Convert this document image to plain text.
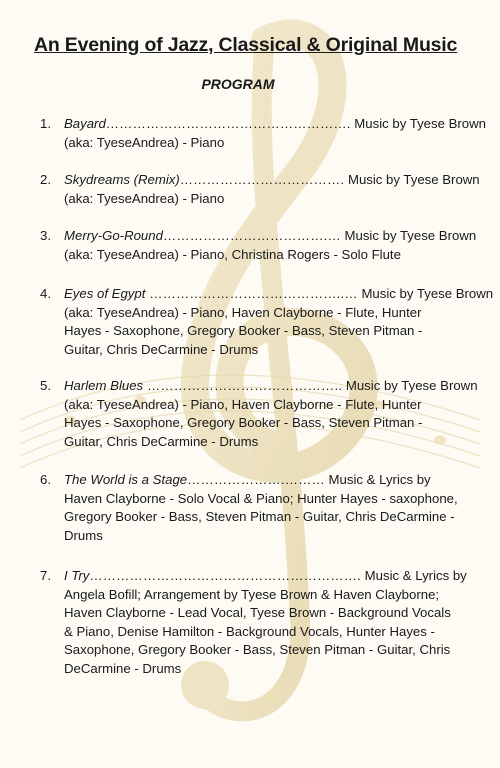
An Evening of Jazz, Classical & Original Music
PROGRAM
1. Bayard………………………………………………. Music by Tyese Brown
(aka: TyeseAndrea) - Piano
2. Skydreams (Remix)………………………………. Music by Tyese Brown
(aka: TyeseAndrea) - Piano
3. Merry-Go-Round……………………………….… Music by Tyese Brown
(aka: TyeseAndrea) - Piano, Christina Rogers - Solo Flute
4. Eyes of Egypt ……………………………………..… Music by Tyese Brown
(aka: TyeseAndrea) - Piano, Haven Clayborne - Flute, Hunter Hayes - Saxophone, Gregory Booker - Bass, Steven Pitman - Guitar, Chris DeCarmine - Drums
5. Harlem Blues …………………………………….. Music by Tyese Brown
(aka: TyeseAndrea) - Piano, Haven Clayborne - Flute, Hunter Hayes - Saxophone, Gregory Booker - Bass, Steven Pitman - Guitar, Chris DeCarmine - Drums
6. The World is a Stage………………….……… Music & Lyrics by
Haven Clayborne - Solo Vocal & Piano; Hunter Hayes - saxophone, Gregory Booker - Bass, Steven Pitman - Guitar, Chris DeCarmine - Drums
7. I Try……………………………………………………. Music & Lyrics by
Angela Bofill; Arrangement by Tyese Brown & Haven Clayborne; Haven Clayborne - Lead Vocal, Tyese Brown - Background Vocals & Piano, Denise Hamilton - Background Vocals, Hunter Hayes - Saxophone, Gregory Booker - Bass, Steven Pitman - Guitar, Chris DeCarmine - Drums
